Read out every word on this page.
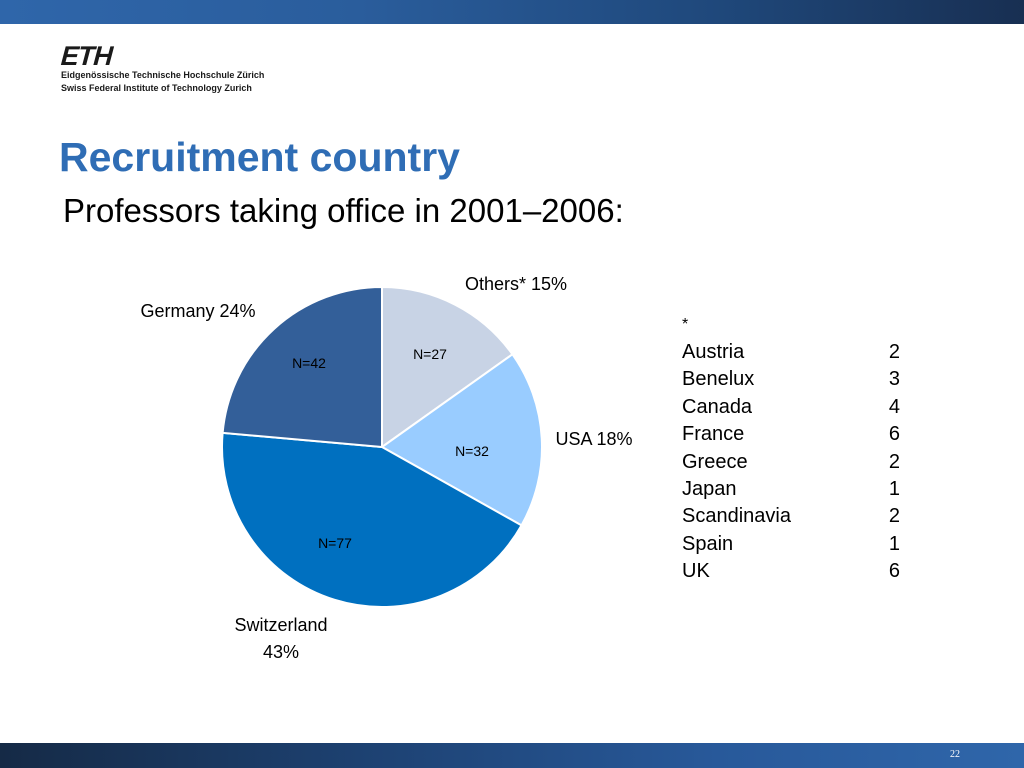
ETH
Eidgenössische Technische Hochschule Zürich
Swiss Federal Institute of Technology Zurich
Recruitment country

Professors taking office in 2001–2006:

N=27
N=32
N=77
N=42
Others* 15%
USA 18%
Switzerland
43%
Germany 24%
*
Austria	2
Benelux	3
Canada	4
France	6
Greece	2
Japan	1
Scandinavia	2
Spain	1
UK	6
22
